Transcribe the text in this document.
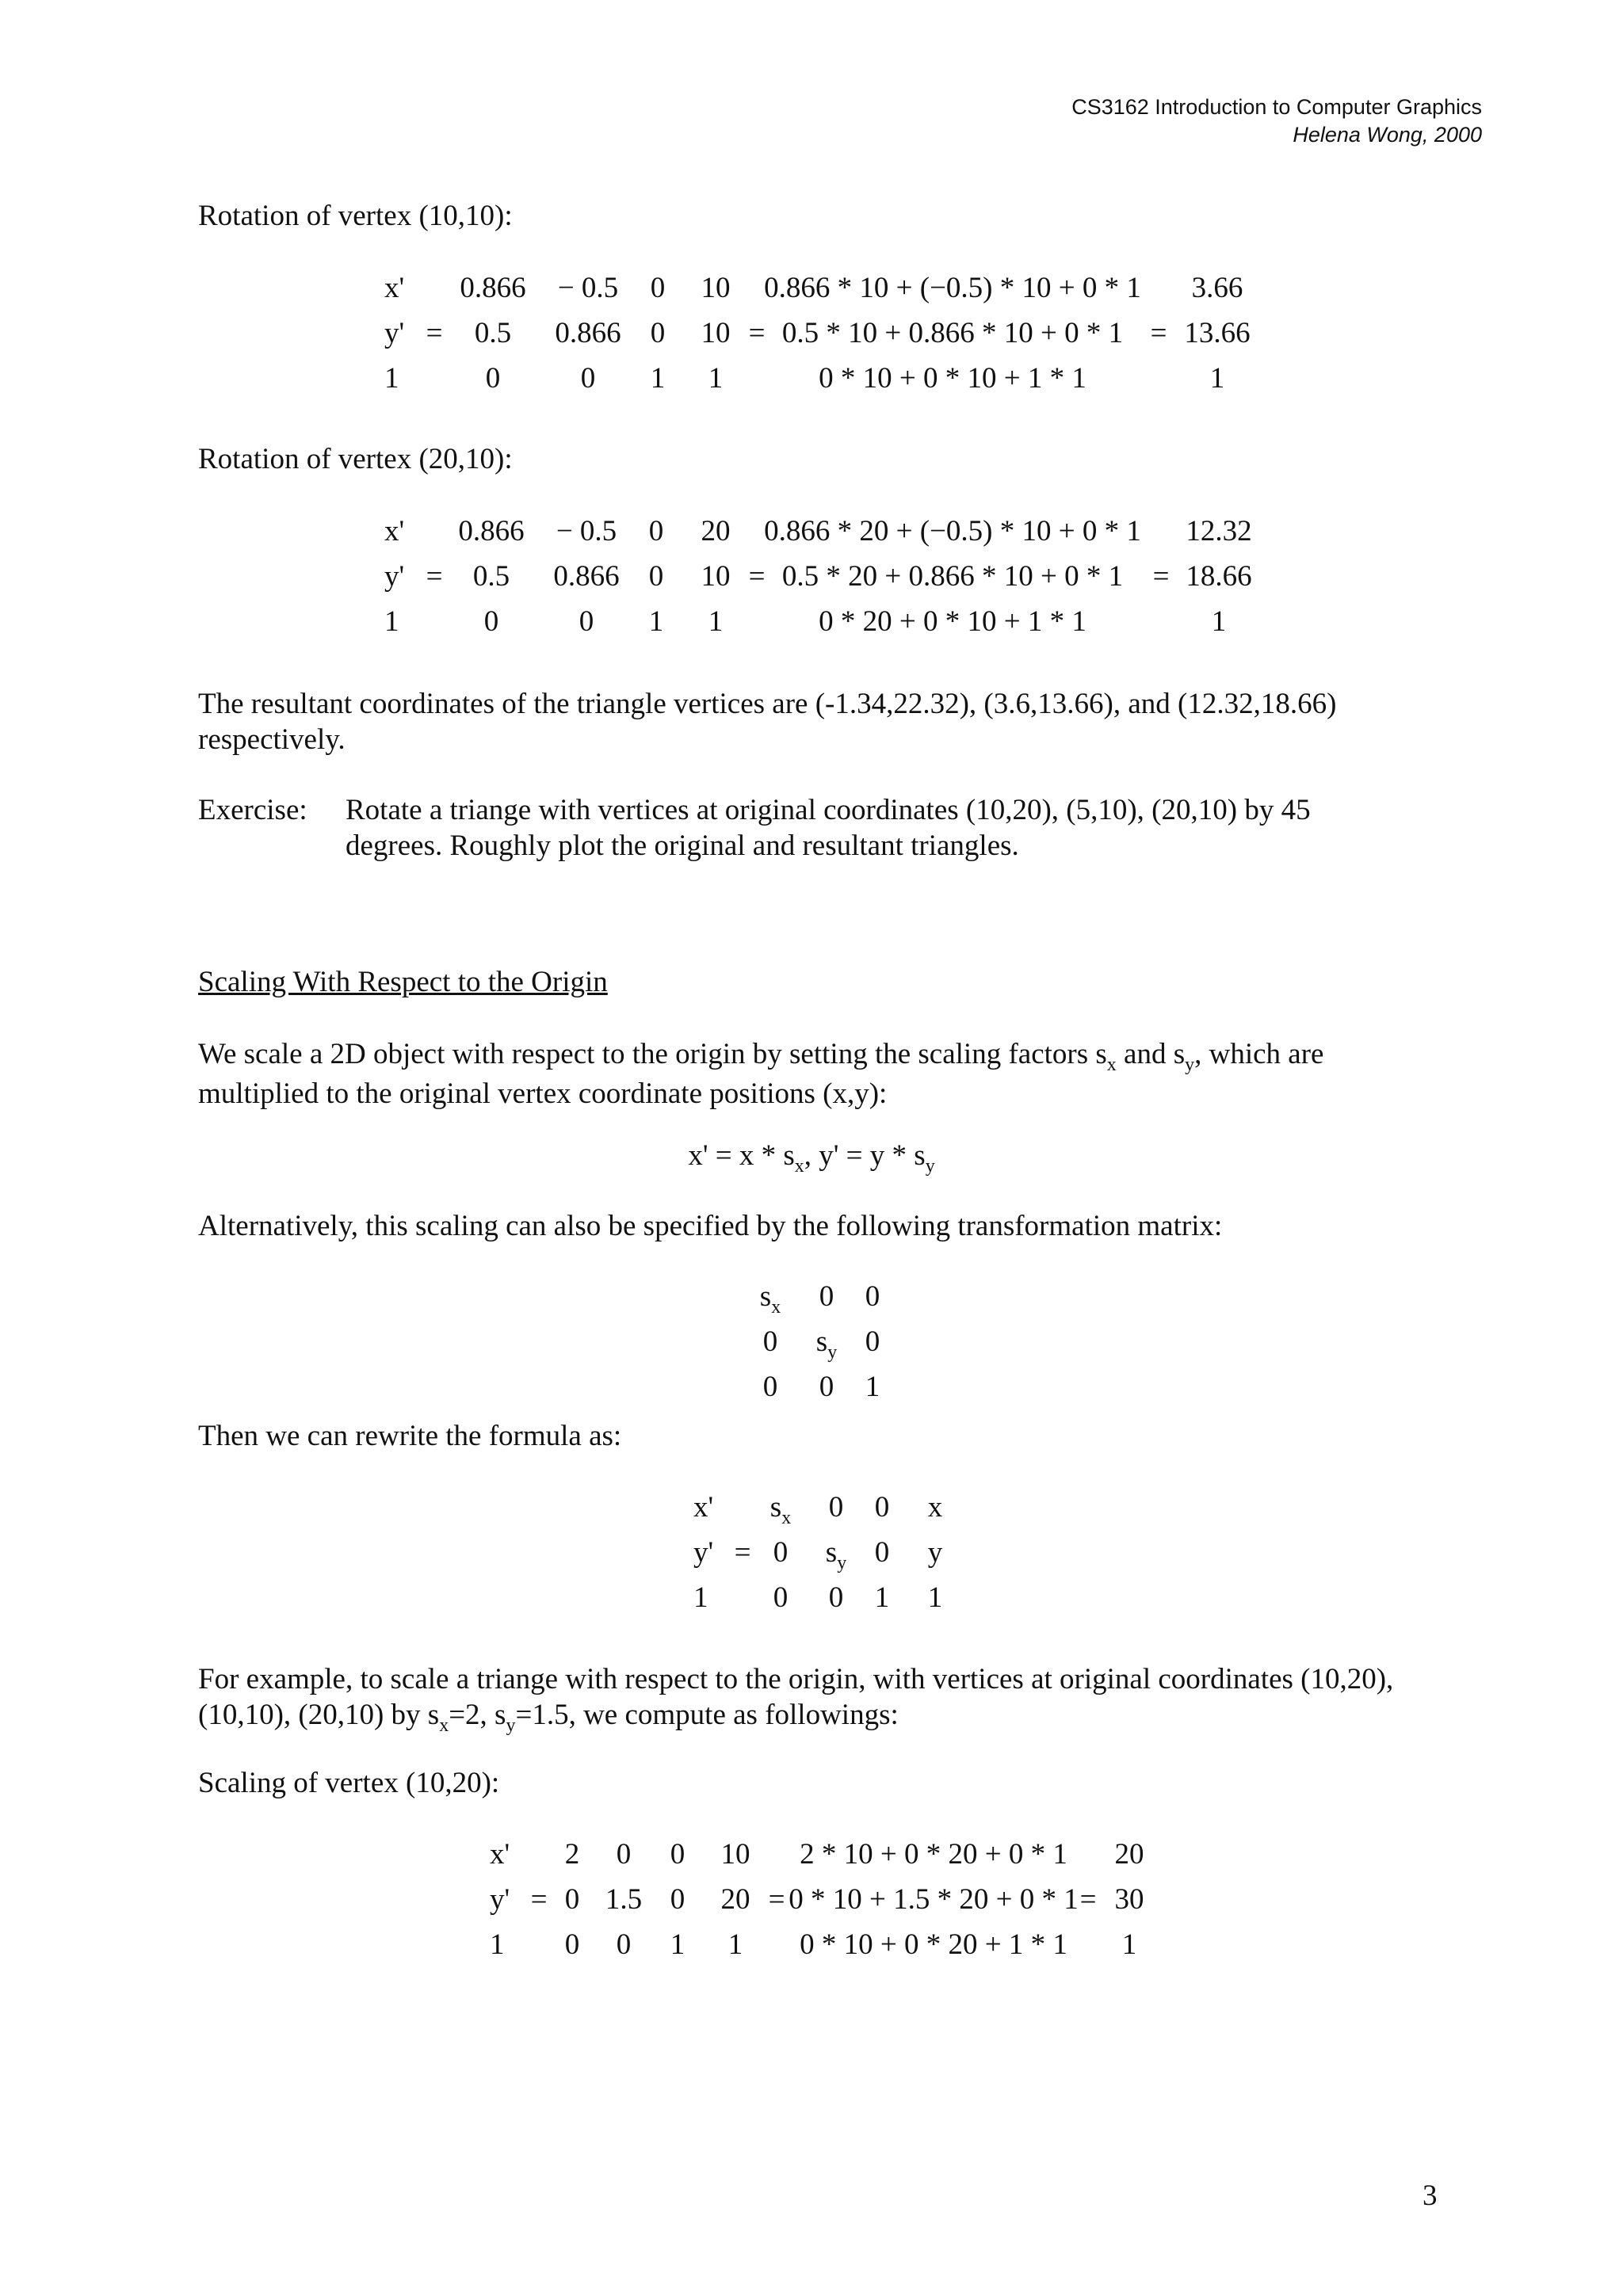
CS3162 Introduction to Computer Graphics
Helena Wong, 2000

Rotation of vertex (10,10):

x'
y'
1
=
0.866 − 0.5 0
0.5 0.866 0
0	0 1
10
10
1
=
0.866 * 10 + (−0.5) * 10 + 0 * 1
0.5 * 10 + 0.866 * 10 + 0 * 1
0 * 10 + 0 * 10 + 1 * 1
=
3.66
13.66
1

Rotation of vertex (20,10):

x'
y'
1
=
0.866 − 0.5 0
0.5 0.866 0
0	0 1
20
10
1
=
0.866 * 20 + (−0.5) * 10 + 0 * 1
0.5 * 20 + 0.866 * 10 + 0 * 1
0 * 20 + 0 * 10 + 1 * 1
=
12.32
18.66
1

The resultant coordinates of the triangle vertices are (-1.34,22.32), (3.6,13.66), and (12.32,18.66) respectively.

Exercise: Rotate a triange with vertices at original coordinates (10,20), (5,10), (20,10) by 45 degrees. Roughly plot the original and resultant triangles.

Scaling With Respect to the Origin

We scale a 2D object with respect to the origin by setting the scaling factors $s_x$ and $s_y$, which are multiplied to the original vertex coordinate positions (x,y):

$x' = x * s_x$, $y' = y * s_y$

Alternatively, this scaling can also be specified by the following transformation matrix:

$s_x$ 0 0
0 $s_y$ 0
0 0 1

Then we can rewrite the formula as:

x'
y'
1
=
$s_x$ 0 0
0 $s_y$ 0
0 0 1
x
y
1

For example, to scale a triange with respect to the origin, with vertices at original coordinates (10,20), (10,10), (20,10) by $s_x=2$, $s_y=1.5$, we compute as followings:

Scaling of vertex (10,20):

x'
y'
1
=
2 0 0
0 1.5 0
0 0 1
10
20
1
=
2 * 10 + 0 * 20 + 0 * 1
0 * 10 + 1.5 * 20 + 0 * 1
0 * 10 + 0 * 20 + 1 * 1
=
20
30
1
3
